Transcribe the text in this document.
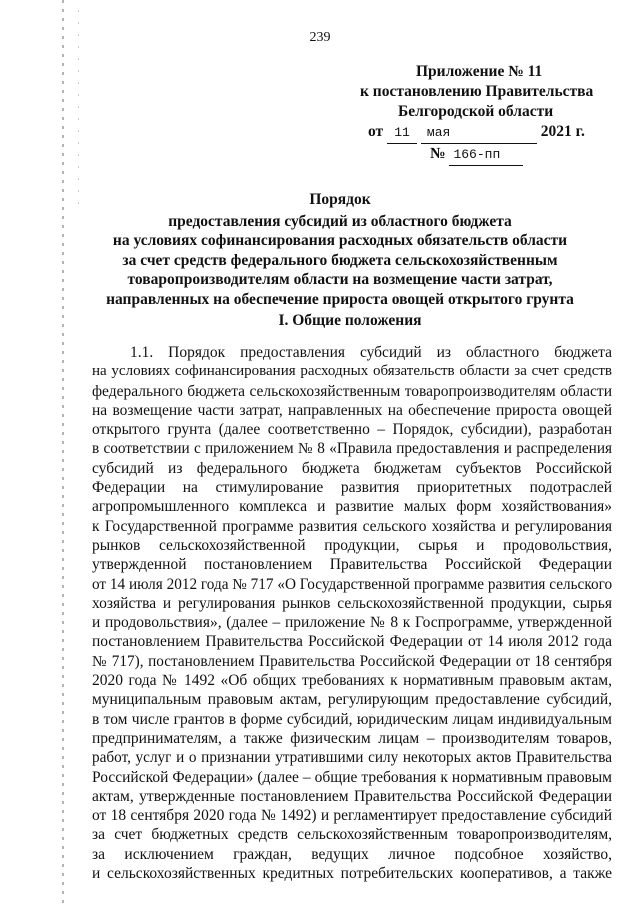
239
Приложение № 11
к постановлению Правительства
Белгородской области
от 11 мая	2021 г.
№ 166-пп
Порядок
предоставления субсидий из областного бюджета
на условиях софинансирования расходных обязательств области
за счет средств федерального бюджета сельскохозяйственным
товаропроизводителям области на возмещение части затрат,
направленных на обеспечение прироста овощей открытого грунта
I. Общие положения
1.1. Порядок предоставления субсидий из областного бюджета
на условиях софинансирования расходных обязательств области за счет средств
федерального бюджета сельскохозяйственным товаропроизводителям области
на возмещение части затрат, направленных на обеспечение прироста овощей
открытого грунта (далее соответственно – Порядок, субсидии), разработан
в соответствии с приложением № 8 «Правила предоставления и распределения
субсидий из федерального бюджета бюджетам субъектов Российской
Федерации на стимулирование развития приоритетных подотраслей
агропромышленного комплекса и развитие малых форм хозяйствования»
к Государственной программе развития сельского хозяйства и регулирования
рынков сельскохозяйственной продукции, сырья и продовольствия,
утвержденной постановлением Правительства Российской Федерации
от 14 июля 2012 года № 717 «О Государственной программе развития сельского
хозяйства и регулирования рынков сельскохозяйственной продукции, сырья
и продовольствия», (далее – приложение № 8 к Госпрограмме, утвержденной
постановлением Правительства Российской Федерации от 14 июля 2012 года
№ 717), постановлением Правительства Российской Федерации от 18 сентября
2020 года № 1492 «Об общих требованиях к нормативным правовым актам,
муниципальным правовым актам, регулирующим предоставление субсидий,
в том числе грантов в форме субсидий, юридическим лицам индивидуальным
предпринимателям, а также физическим лицам – производителям товаров,
работ, услуг и о признании утратившими силу некоторых актов Правительства
Российской Федерации» (далее – общие требования к нормативным правовым
актам, утвержденные постановлением Правительства Российской Федерации
от 18 сентября 2020 года № 1492) и регламентирует предоставление субсидий
за счет бюджетных средств сельскохозяйственным товаропроизводителям,
за исключением граждан, ведущих личное подсобное хозяйство,
и сельскохозяйственных кредитных потребительских кооперативов, а также
